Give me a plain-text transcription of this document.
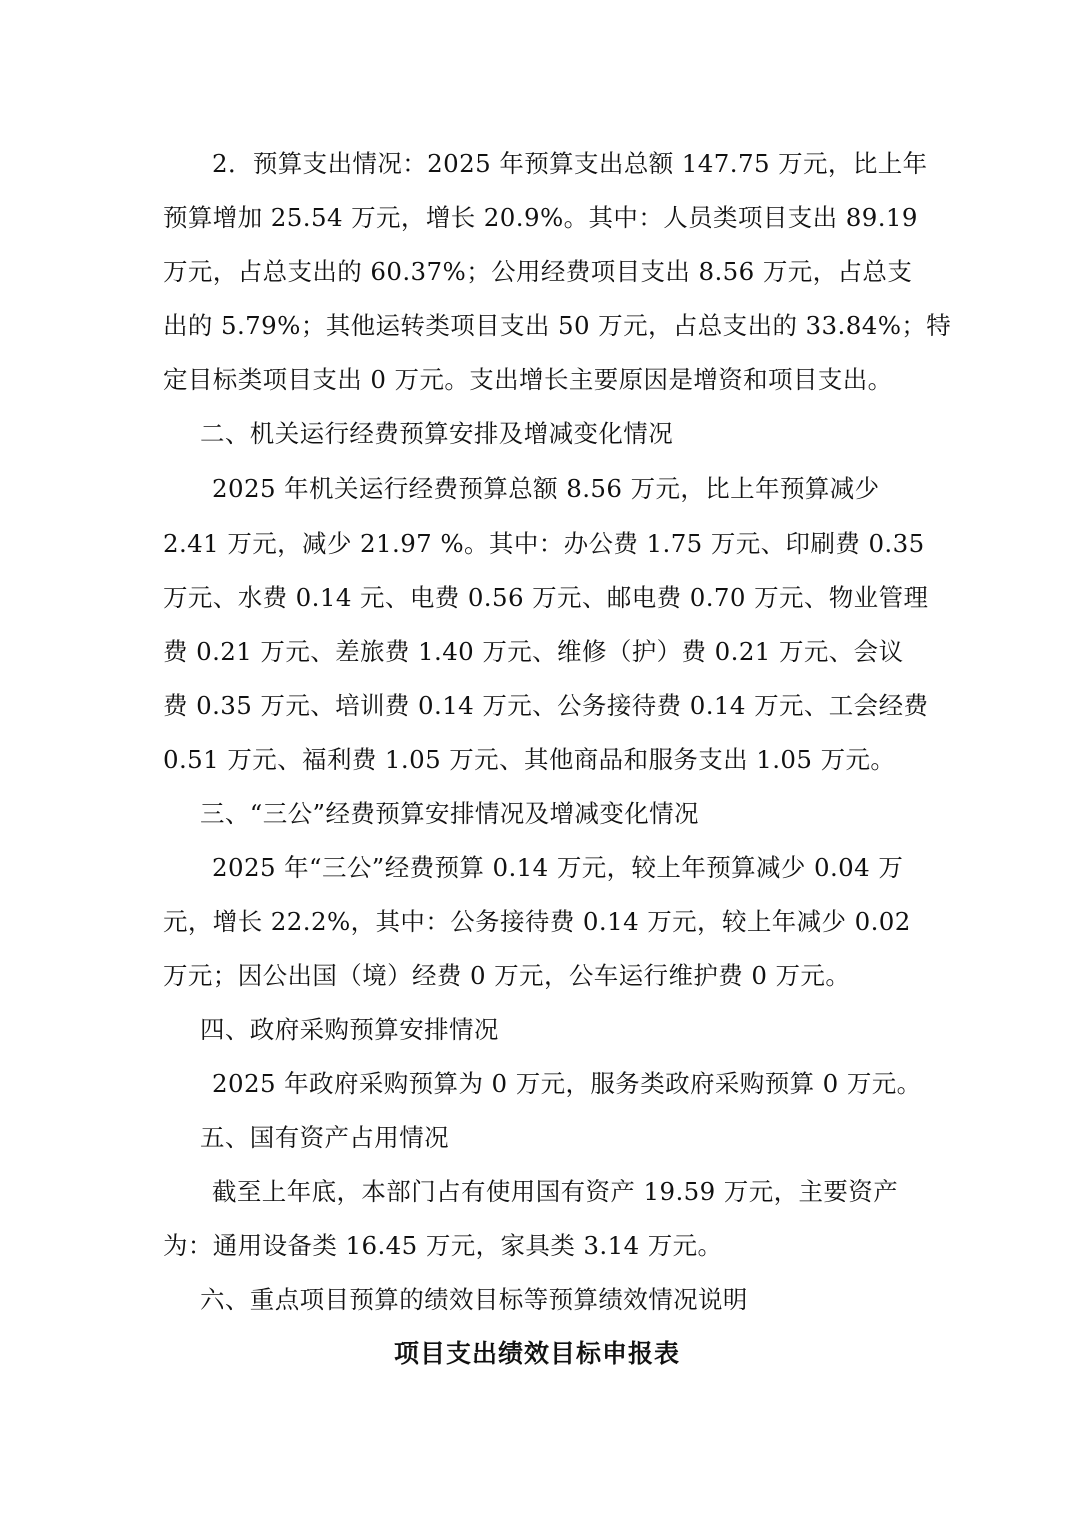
2．预算支出情况：2025 年预算支出总额 147.75 万元，比上年
预算增加 25.54 万元，增长 20.9%。其中：人员类项目支出 89.19
万元，占总支出的 60.37%；公用经费项目支出 8.56 万元，占总支
出的 5.79%；其他运转类项目支出 50 万元，占总支出的 33.84%；特
定目标类项目支出 0 万元。支出增长主要原因是增资和项目支出。
二、机关运行经费预算安排及增减变化情况
2025 年机关运行经费预算总额 8.56 万元，比上年预算减少
2.41 万元，减少 21.97 %。其中：办公费 1.75 万元、印刷费 0.35
万元、水费 0.14 元、电费 0.56 万元、邮电费 0.70 万元、物业管理
费 0.21 万元、差旅费 1.40 万元、维修（护）费 0.21 万元、会议
费 0.35 万元、培训费 0.14 万元、公务接待费 0.14 万元、工会经费
0.51 万元、福利费 1.05 万元、其他商品和服务支出 1.05 万元。
三、“三公”经费预算安排情况及增减变化情况
2025 年“三公”经费预算 0.14 万元，较上年预算减少 0.04 万
元，增长 22.2%，其中：公务接待费 0.14 万元，较上年减少 0.02
万元；因公出国（境）经费 0 万元，公车运行维护费 0 万元。
四、政府采购预算安排情况
2025 年政府采购预算为 0 万元，服务类政府采购预算 0 万元。
五、国有资产占用情况
截至上年底，本部门占有使用国有资产 19.59 万元，主要资产
为：通用设备类 16.45 万元，家具类 3.14 万元。
六、重点项目预算的绩效目标等预算绩效情况说明
项目支出绩效目标申报表
